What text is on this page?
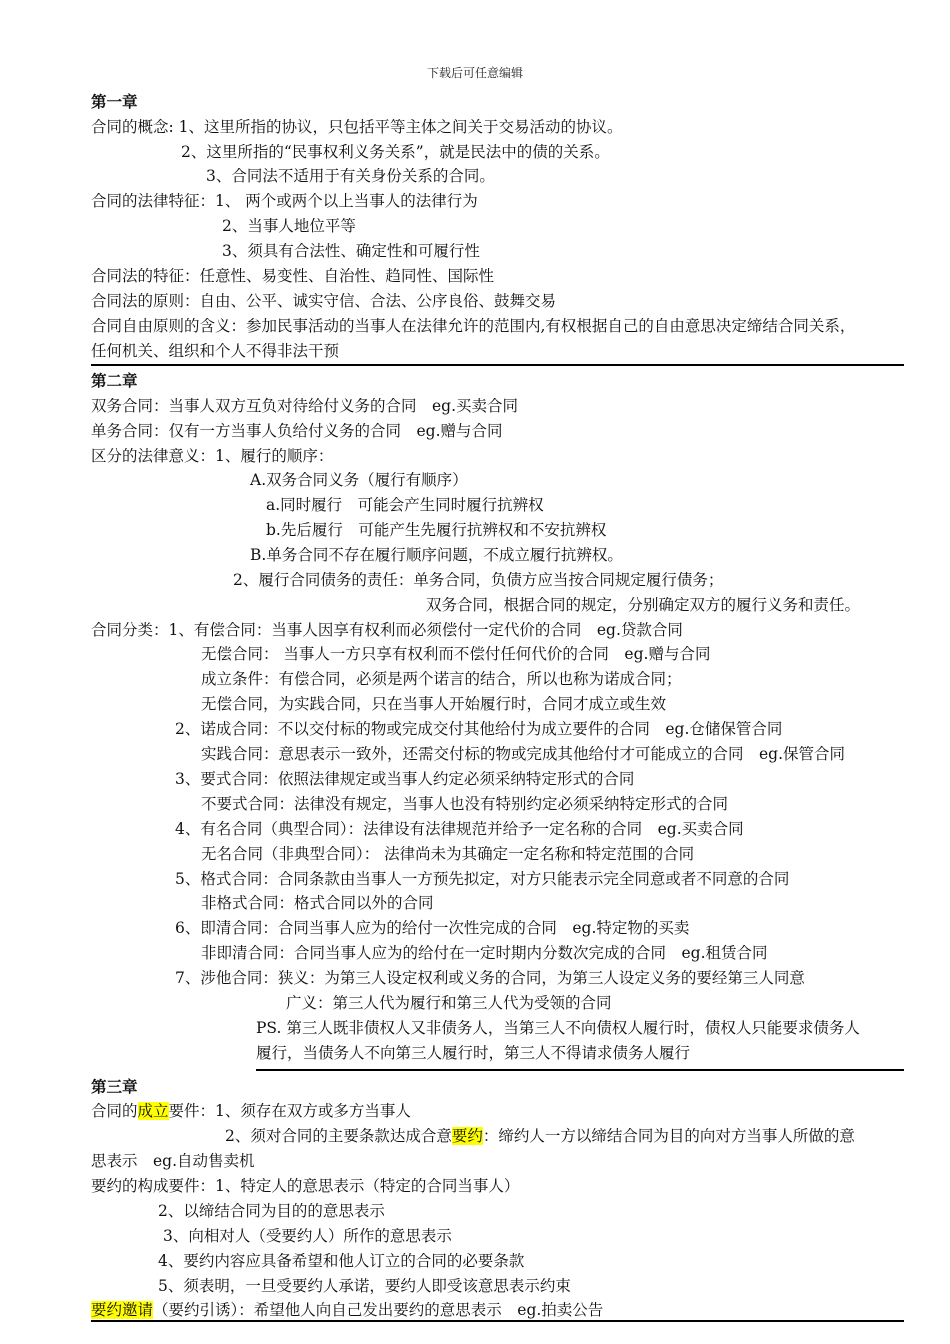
下载后可任意编辑
第一章
合同的概念: 1、这里所指的协议，只包括平等主体之间关于交易活动的协议。
2、这里所指的“民事权利义务关系”，就是民法中的债的关系。
3、合同法不适用于有关身份关系的合同。
合同的法律特征：1、 两个或两个以上当事人的法律行为
2、当事人地位平等
3、须具有合法性、确定性和可履行性
合同法的特征：任意性、易变性、自治性、趋同性、国际性
合同法的原则：自由、公平、诚实守信、合法、公序良俗、鼓舞交易
合同自由原则的含义：参加民事活动的当事人在法律允许的范围内,有权根据自己的自由意思决定缔结合同关系，
任何机关、组织和个人不得非法干预
第二章
双务合同：当事人双方互负对待给付义务的合同　eg.买卖合同
单务合同：仅有一方当事人负给付义务的合同　eg.赠与合同
区分的法律意义：1、履行的顺序：
A.双务合同义务（履行有顺序）
a.同时履行　可能会产生同时履行抗辨权
b.先后履行　可能产生先履行抗辨权和不安抗辨权
B.单务合同不存在履行顺序问题，不成立履行抗辨权。
2、履行合同债务的责任：单务合同，负债方应当按合同规定履行债务；
双务合同，根据合同的规定，分别确定双方的履行义务和责任。
合同分类：1、有偿合同：当事人因享有权利而必须偿付一定代价的合同　eg.贷款合同
无偿合同： 当事人一方只享有权利而不偿付任何代价的合同　eg.赠与合同
成立条件：有偿合同，必须是两个诺言的结合，所以也称为诺成合同；
无偿合同，为实践合同，只在当事人开始履行时，合同才成立或生效
2、诺成合同：不以交付标的物或完成交付其他给付为成立要件的合同　eg.仓储保管合同
实践合同：意思表示一致外，还需交付标的物或完成其他给付才可能成立的合同　eg.保管合同
3、要式合同：依照法律规定或当事人约定必须采纳特定形式的合同
不要式合同：法律没有规定，当事人也没有特别约定必须采纳特定形式的合同
4、有名合同（典型合同）：法律设有法律规范并给予一定名称的合同　eg.买卖合同
无名合同（非典型合同）： 法律尚未为其确定一定名称和特定范围的合同
5、格式合同：合同条款由当事人一方预先拟定，对方只能表示完全同意或者不同意的合同
非格式合同：格式合同以外的合同
6、即清合同：合同当事人应为的给付一次性完成的合同　eg.特定物的买卖
非即清合同：合同当事人应为的给付在一定时期内分数次完成的合同　eg.租赁合同
7、涉他合同：狭义：为第三人设定权利或义务的合同，为第三人设定义务的要经第三人同意
广义：第三人代为履行和第三人代为受领的合同
PS. 第三人既非债权人又非债务人，当第三人不向债权人履行时，债权人只能要求债务人
履行，当债务人不向第三人履行时，第三人不得请求债务人履行
第三章
合同的成立要件：1、须存在双方或多方当事人
2、须对合同的主要条款达成合意要约：缔约人一方以缔结合同为目的向对方当事人所做的意
思表示　eg.自动售卖机
要约的构成要件：1、特定人的意思表示（特定的合同当事人）
2、以缔结合同为目的的意思表示
3、向相对人（受要约人）所作的意思表示
4、要约内容应具备希望和他人订立的合同的必要条款
5、须表明，一旦受要约人承诺，要约人即受该意思表示约束
要约邀请（要约引诱）：希望他人向自己发出要约的意思表示　eg.拍卖公告
